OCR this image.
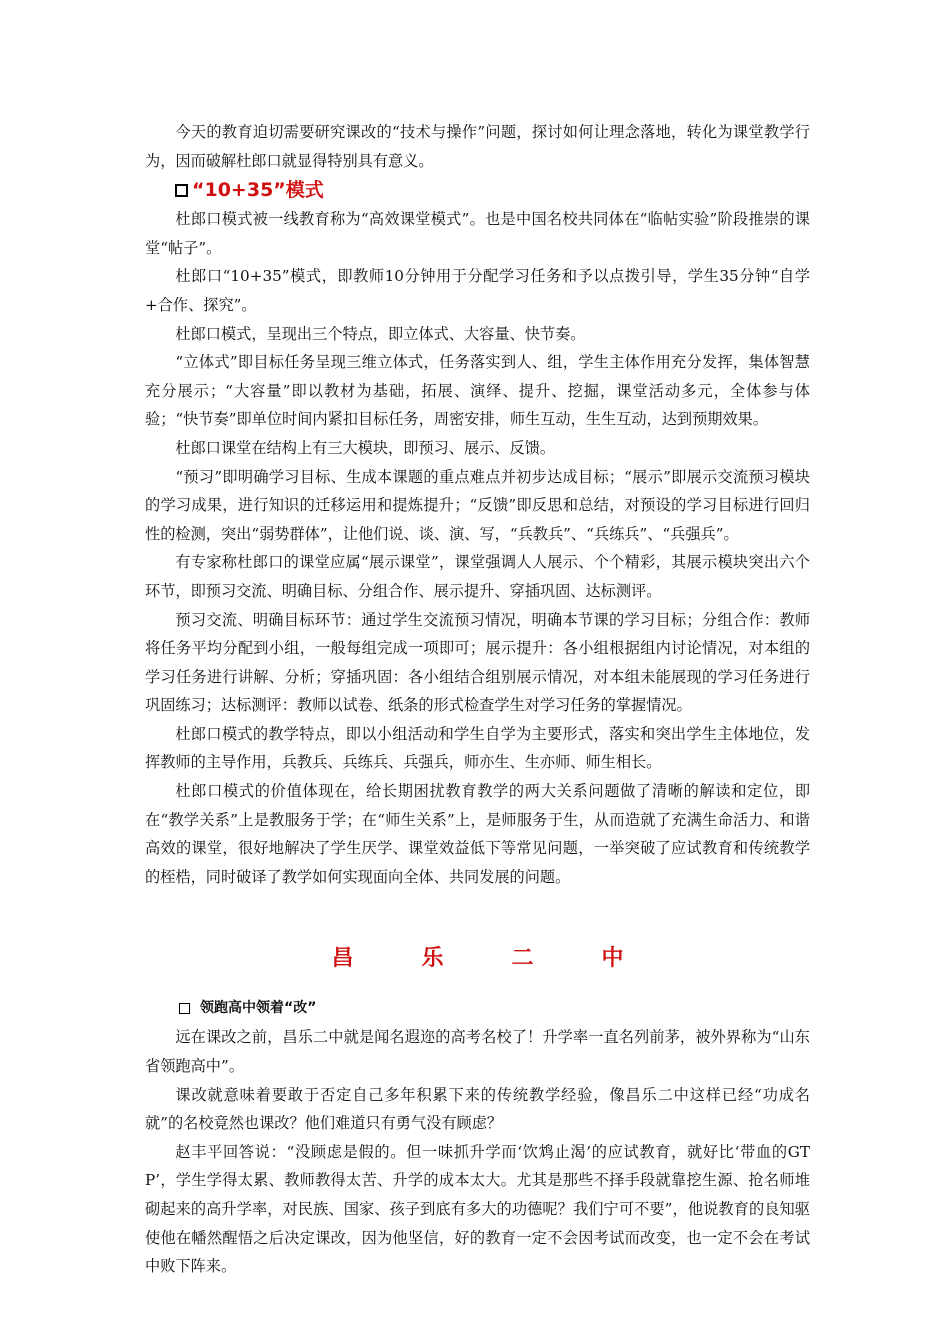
今天的教育迫切需要研究课改的“技术与操作”问题，探讨如何让理念落地，转化为课堂教学行为，因而破解杜郎口就显得特别具有意义。

“10+35”模式

杜郎口模式被一线教育称为“高效课堂模式”。也是中国名校共同体在“临帖实验”阶段推崇的课堂“帖子”。

杜郎口“10+35”模式，即教师10分钟用于分配学习任务和予以点拨引导，学生35分钟“自学+合作、探究”。

杜郎口模式，呈现出三个特点，即立体式、大容量、快节奏。

“立体式”即目标任务呈现三维立体式，任务落实到人、组，学生主体作用充分发挥，集体智慧充分展示；“大容量”即以教材为基础，拓展、演绎、提升、挖掘，课堂活动多元，全体参与体验；“快节奏”即单位时间内紧扣目标任务，周密安排，师生互动，生生互动，达到预期效果。

杜郎口课堂在结构上有三大模块，即预习、展示、反馈。

“预习”即明确学习目标、生成本课题的重点难点并初步达成目标；“展示”即展示交流预习模块的学习成果，进行知识的迁移运用和提炼提升；“反馈”即反思和总结，对预设的学习目标进行回归性的检测，突出“弱势群体”，让他们说、谈、演、写，“兵教兵”、“兵练兵”、“兵强兵”。

有专家称杜郎口的课堂应属“展示课堂”，课堂强调人人展示、个个精彩，其展示模块突出六个环节，即预习交流、明确目标、分组合作、展示提升、穿插巩固、达标测评。

预习交流、明确目标环节：通过学生交流预习情况，明确本节课的学习目标；分组合作：教师将任务平均分配到小组，一般每组完成一项即可；展示提升：各小组根据组内讨论情况，对本组的学习任务进行讲解、分析；穿插巩固：各小组结合组别展示情况，对本组未能展现的学习任务进行巩固练习；达标测评：教师以试卷、纸条的形式检查学生对学习任务的掌握情况。

杜郎口模式的教学特点，即以小组活动和学生自学为主要形式，落实和突出学生主体地位，发挥教师的主导作用，兵教兵、兵练兵、兵强兵，师亦生、生亦师、师生相长。

杜郎口模式的价值体现在，给长期困扰教育教学的两大关系问题做了清晰的解读和定位，即在“教学关系”上是教服务于学；在“师生关系”上，是师服务于生，从而造就了充满生命活力、和谐高效的课堂，很好地解决了学生厌学、课堂效益低下等常见问题，一举突破了应试教育和传统教学的桎梏，同时破译了教学如何实现面向全体、共同发展的问题。

昌	乐	二	中
领跑高中领着“改”

远在课改之前，昌乐二中就是闻名遐迩的高考名校了！升学率一直名列前茅，被外界称为“山东省领跑高中”。

课改就意味着要敢于否定自己多年积累下来的传统教学经验，像昌乐二中这样已经“功成名就”的名校竟然也课改？他们难道只有勇气没有顾虑？

赵丰平回答说：“没顾虑是假的。但一味抓升学而‘饮鸩止渴’的应试教育，就好比‘带血的GTP’，学生学得太累、教师教得太苦、升学的成本太大。尤其是那些不择手段就靠挖生源、抢名师堆砌起来的高升学率，对民族、国家、孩子到底有多大的功德呢？我们宁可不要”，他说教育的良知驱使他在幡然醒悟之后决定课改，因为他坚信，好的教育一定不会因考试而改变，也一定不会在考试中败下阵来。
